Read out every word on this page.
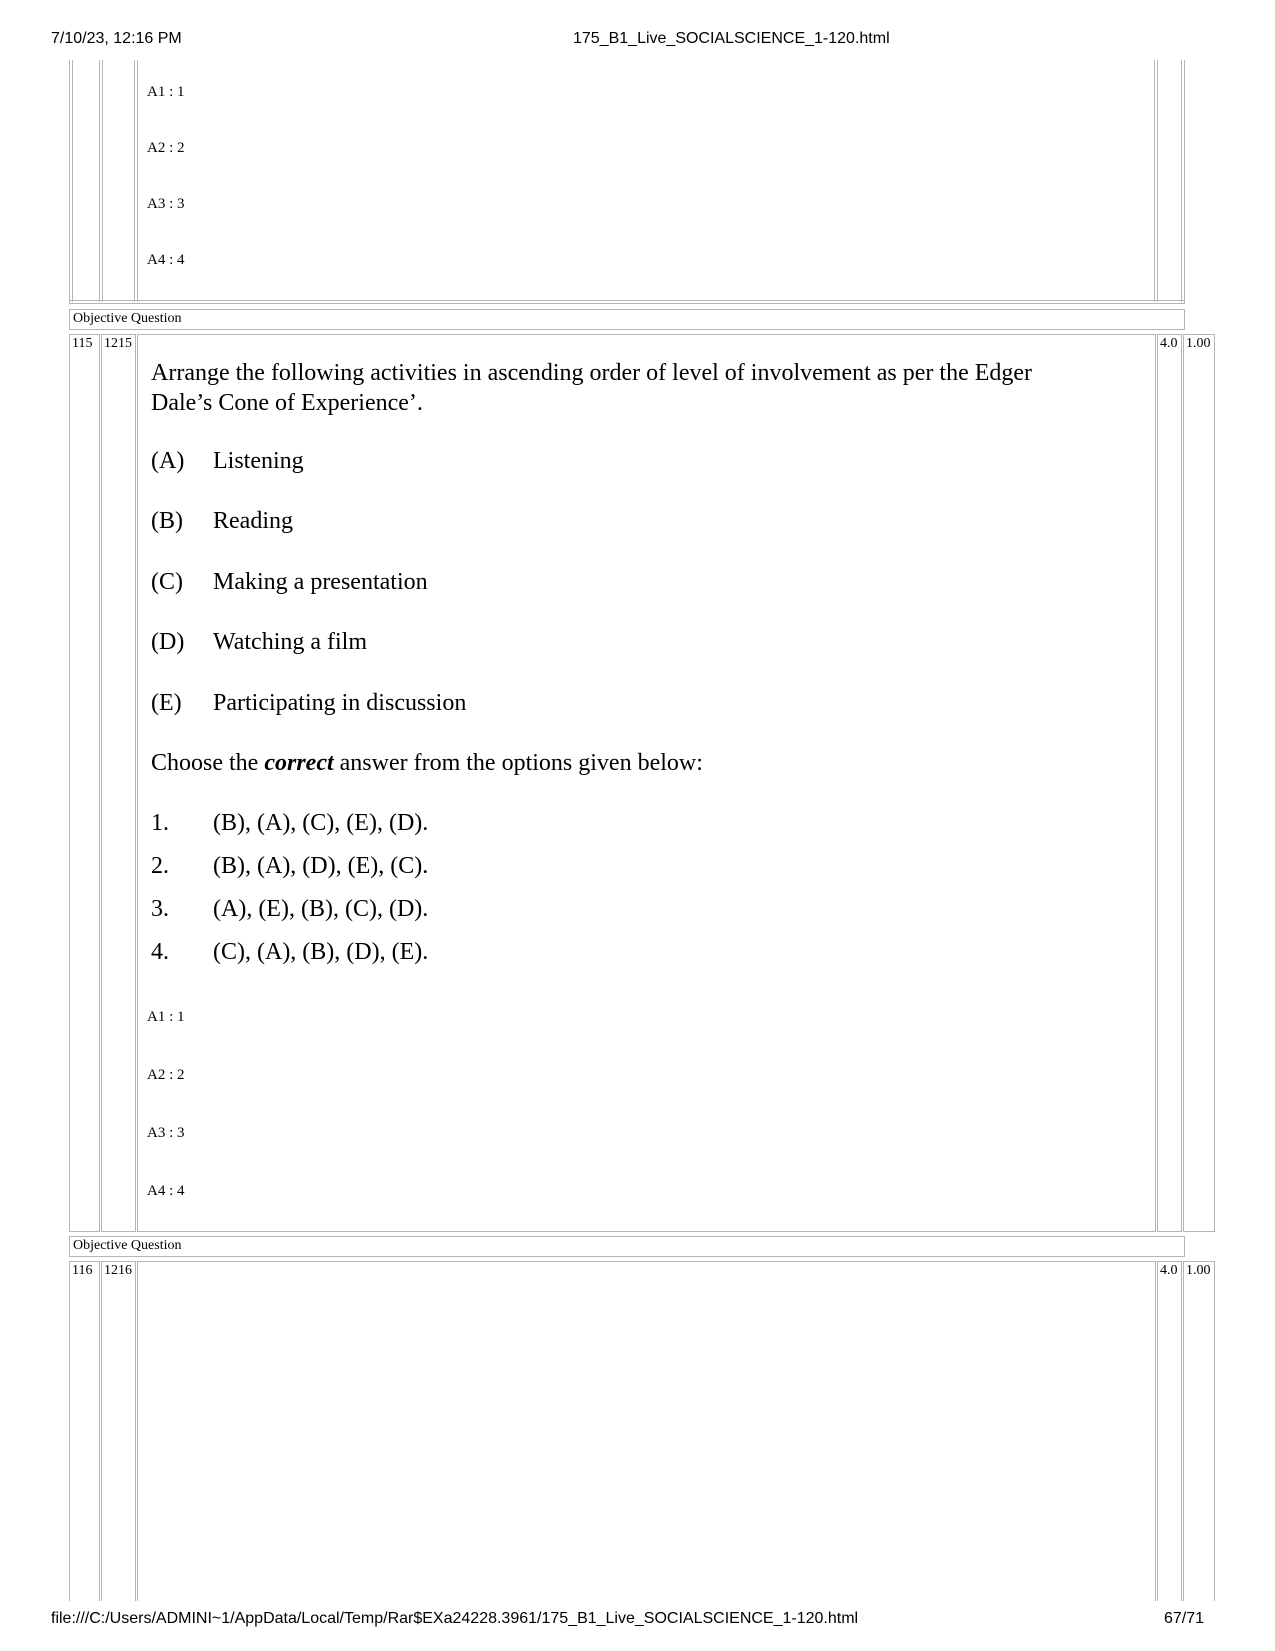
7/10/23, 12:16 PM	175_B1_Live_SOCIALSCIENCE_1-120.html
A1 : 1
A2 : 2
A3 : 3
A4 : 4
Objective Question
115 1215	4.0 1.00
Arrange the following activities in ascending order of level of involvement as per the Edger Dale’s Cone of Experience’.
(A) Listening
(B) Reading
(C) Making a presentation
(D) Watching a film
(E) Participating in discussion
Choose the correct answer from the options given below:
1. (B), (A), (C), (E), (D).
2. (B), (A), (D), (E), (C).
3. (A), (E), (B), (C), (D).
4. (C), (A), (B), (D), (E).
A1 : 1
A2 : 2
A3 : 3
A4 : 4
Objective Question
116 1216	4.0 1.00
file:///C:/Users/ADMINI~1/AppData/Local/Temp/Rar$EXa24228.3961/175_B1_Live_SOCIALSCIENCE_1-120.html	67/71
